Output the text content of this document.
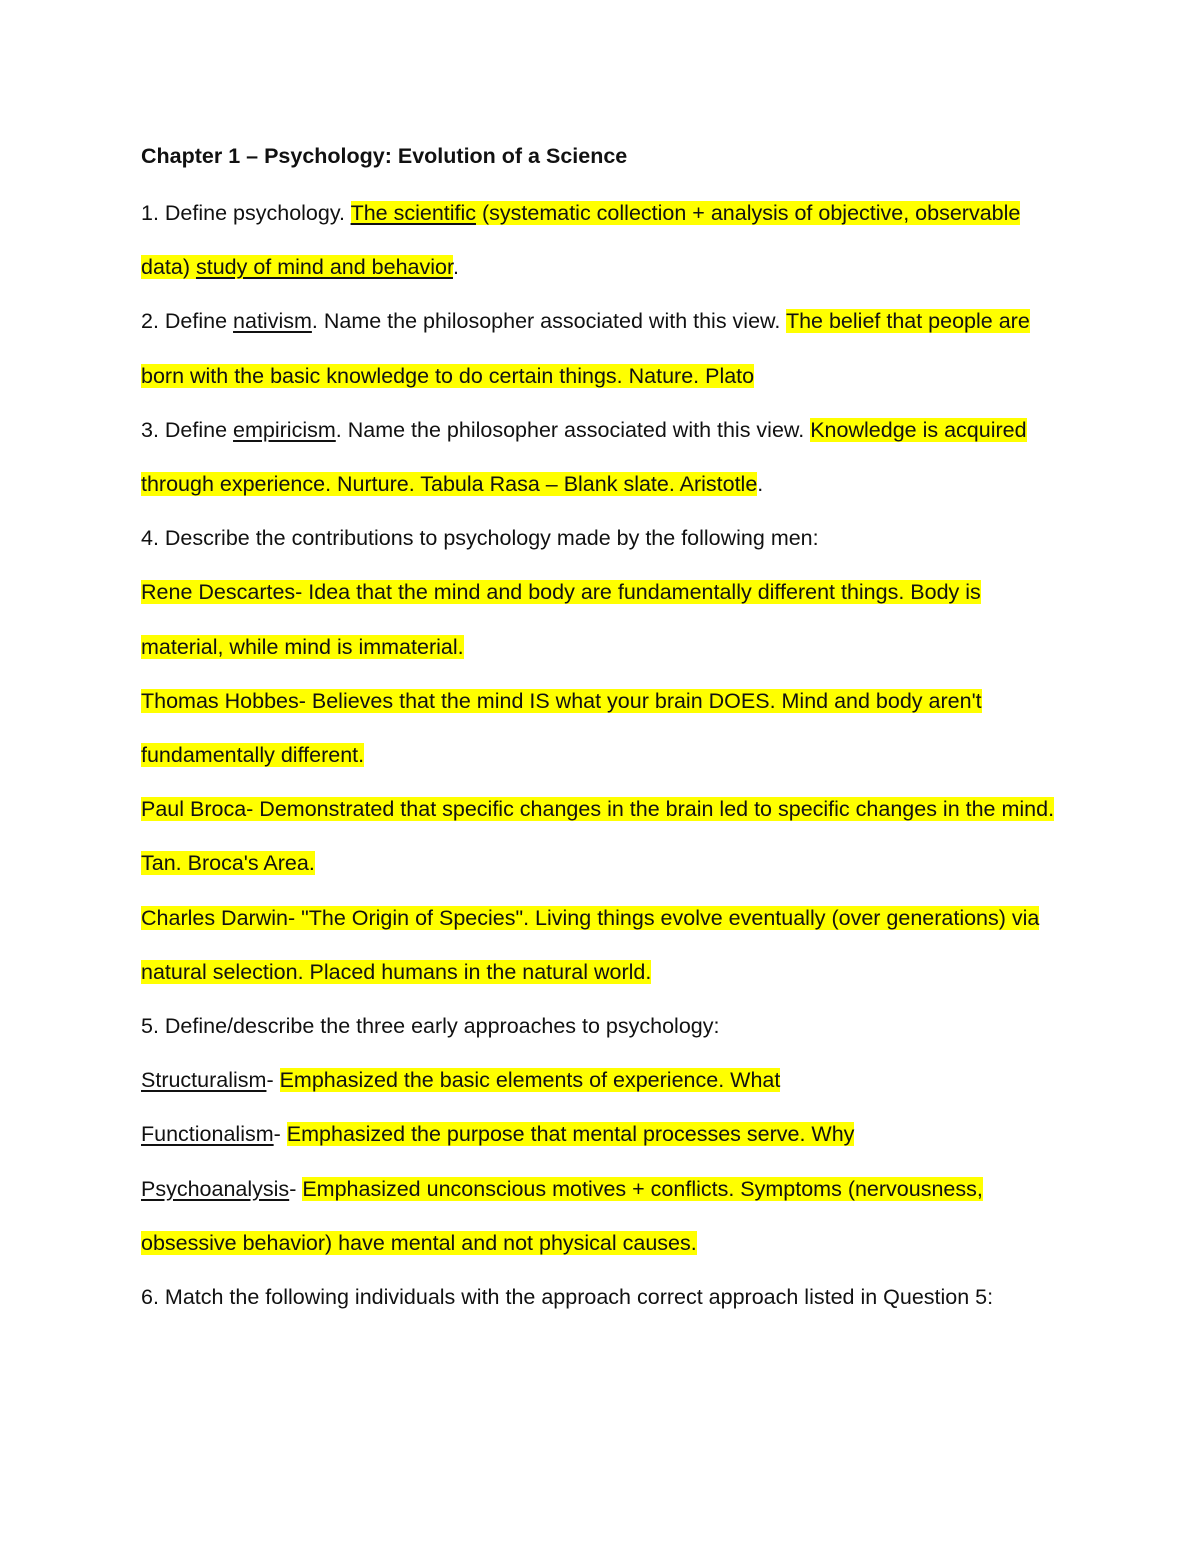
Chapter 1 – Psychology: Evolution of a Science

1. Define psychology. The scientific (systematic collection + analysis of objective, observable data) study of mind and behavior.

2. Define nativism. Name the philosopher associated with this view. The belief that people are born with the basic knowledge to do certain things. Nature. Plato

3. Define empiricism. Name the philosopher associated with this view. Knowledge is acquired through experience. Nurture. Tabula Rasa – Blank slate. Aristotle.

4. Describe the contributions to psychology made by the following men:

Rene Descartes- Idea that the mind and body are fundamentally different things. Body is material, while mind is immaterial.

Thomas Hobbes- Believes that the mind IS what your brain DOES. Mind and body aren't fundamentally different.

Paul Broca- Demonstrated that specific changes in the brain led to specific changes in the mind. Tan. Broca's Area.

Charles Darwin- "The Origin of Species". Living things evolve eventually (over generations) via natural selection. Placed humans in the natural world.

5. Define/describe the three early approaches to psychology:

Structuralism- Emphasized the basic elements of experience. What

Functionalism- Emphasized the purpose that mental processes serve. Why

Psychoanalysis- Emphasized unconscious motives + conflicts. Symptoms (nervousness, obsessive behavior) have mental and not physical causes.

6. Match the following individuals with the approach correct approach listed in Question 5:
